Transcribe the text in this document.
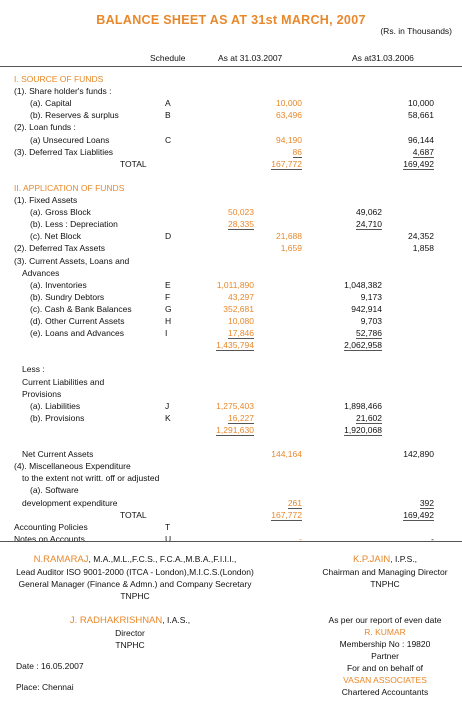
BALANCE SHEET AS AT 31st MARCH, 2007
(Rs. in Thousands)
Schedule	As at 31.03.2007	As at31.03.2006
I. SOURCE OF FUNDS
(1). Share holder's funds :
(a). Capital	A	10,000	10,000
(b). Reserves & surplus	B	63,496	58,661
(2). Loan funds :
(a) Unsecured Loans	C	94,190	96,144
(3). Deferred Tax Liablities	86	4,687
TOTAL	167,772	169,492
II. APPLICATION OF FUNDS
(1). Fixed Assets
(a). Gross Block	50,023	49,062
(b). Less : Depreciation	28,335	24,710
(c). Net Block	D	21,688	24,352
(2). Deferred Tax Assets	1,659	1,858
(3). Current Assets, Loans and
Advances
(a). Inventories	E	1,011,890	1,048,382
(b). Sundry Debtors	F	43,297	9,173
(c). Cash & Bank Balances	G	352,681	942,914
(d). Other Current Assets	H	10,080	9,703
(e). Loans and Advances	I	17,846	52,786
1,435,794	2,062,958
Less :
Current Liabilities and
Provisions
(a). Liabilities	J	1,275,403	1,898,466
(b). Provisions	K	16,227	21,602
1,291,630	1,920,068
Net Current Assets	144,164	142,890
(4). Miscellaneous Expenditure
to the extent not writt. off or adjusted
(a). Software
development expenditure	261	392
TOTAL	167,772	169,492
Accounting Policies	T
Notes on Accounts	U	-	-
N.RAMARAJ, M.A.,M.L.,F.C.S., F.C.A.,M.B.A.,F.I.I.I.,
Lead Auditor ISO 9001-2000 (ITCA - London),M.I.C.S.(London)
General Manager (Finance & Admn.) and Company Secretary
TNPHC
K.P.JAIN, I.P.S.,
Chairman and Managing Director
TNPHC
J. RADHAKRISHNAN, I.A.S.,
Director
TNPHC
As per our report of even date
R. KUMAR
Membership No : 19820
Partner
For and on behalf of
VASAN ASSOCIATES
Chartered Accountants
Date : 16.05.2007
Place: Chennai
